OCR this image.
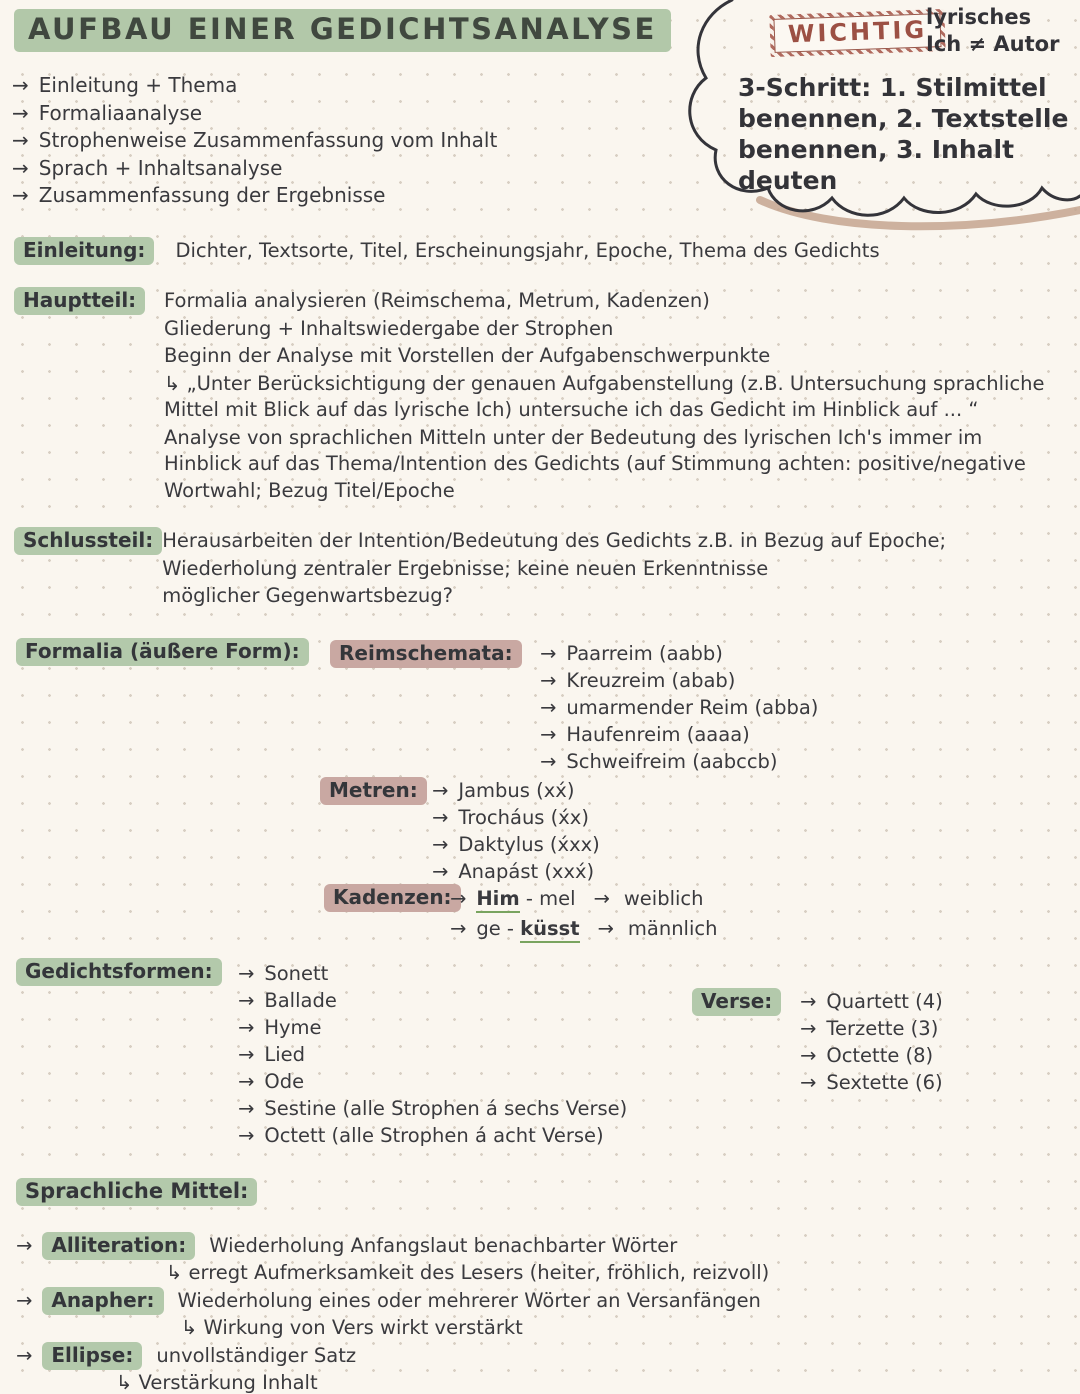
AUFBAU EINER GEDICHTSANALYSE	WICHTIG
lyrisches
Ich ≠ Autor
3-Schritt: 1. Stilmittel
benennen, 2. Textstelle
benennen, 3. Inhalt deuten
→ Einleitung + Thema
→ Formaliaanalyse
→ Strophenweise Zusammenfassung vom Inhalt
→ Sprach + Inhaltsanalyse
→ Zusammenfassung der Ergebnisse
Einleitung: Dichter, Textsorte, Titel, Erscheinungsjahr, Epoche, Thema des Gedichts
Hauptteil:	Formalia analysieren (Reimschema, Metrum, Kadenzen)
Gliederung + Inhaltswiedergabe der Strophen
Beginn der Analyse mit Vorstellen der Aufgabenschwerpunkte
↳ „Unter Berücksichtigung der genauen Aufgabenstellung (z.B. Untersuchung sprachliche Mittel mit Blick auf das lyrische Ich) untersuche ich das Gedicht im Hinblick auf ... “
Analyse von sprachlichen Mitteln unter der Bedeutung des lyrischen Ich's immer im Hinblick auf das Thema/Intention des Gedichts (auf Stimmung achten: positive/negative Wortwahl; Bezug Titel/Epoche
Schlussteil: Herausarbeiten der Intention/Bedeutung des Gedichts z.B. in Bezug auf Epoche;
Wiederholung zentraler Ergebnisse; keine neuen Erkenntnisse
möglicher Gegenwartsbezug?
Formalia (äußere Form):	Reimschemata:	→ Paarreim (aabb)
→ Kreuzreim (abab)
→ umarmender Reim (abba)
→ Haufenreim (aaaa)
→ Schweifreim (aabccb)
Metren: → Jambus (xx́)
→ Trocháus (x́x)
→ Daktylus (x́xx)
→ Anapást (xxx́)
Kadenzen:
→ Him - mel → weiblich
→ ge - küsst → männlich
Gedichtsformen:	→ Sonett
→ Ballade
→ Hyme
→ Lied
→ Ode
→ Sestine (alle Strophen á sechs Verse)
→ Octett (alle Strophen á acht Verse)
Verse:	→ Quartett (4)
→ Terzette (3)
→ Octette (8)
→ Sextette (6)
Sprachliche Mittel:
→ Alliteration: Wiederholung Anfangslaut benachbarter Wörter
↳ erregt Aufmerksamkeit des Lesers (heiter, fröhlich, reizvoll)
→ Anapher: Wiederholung eines oder mehrerer Wörter an Versanfängen
↳ Wirkung von Vers wirkt verstärkt
→ Ellipse: unvollständiger Satz
↳ Verstärkung Inhalt
